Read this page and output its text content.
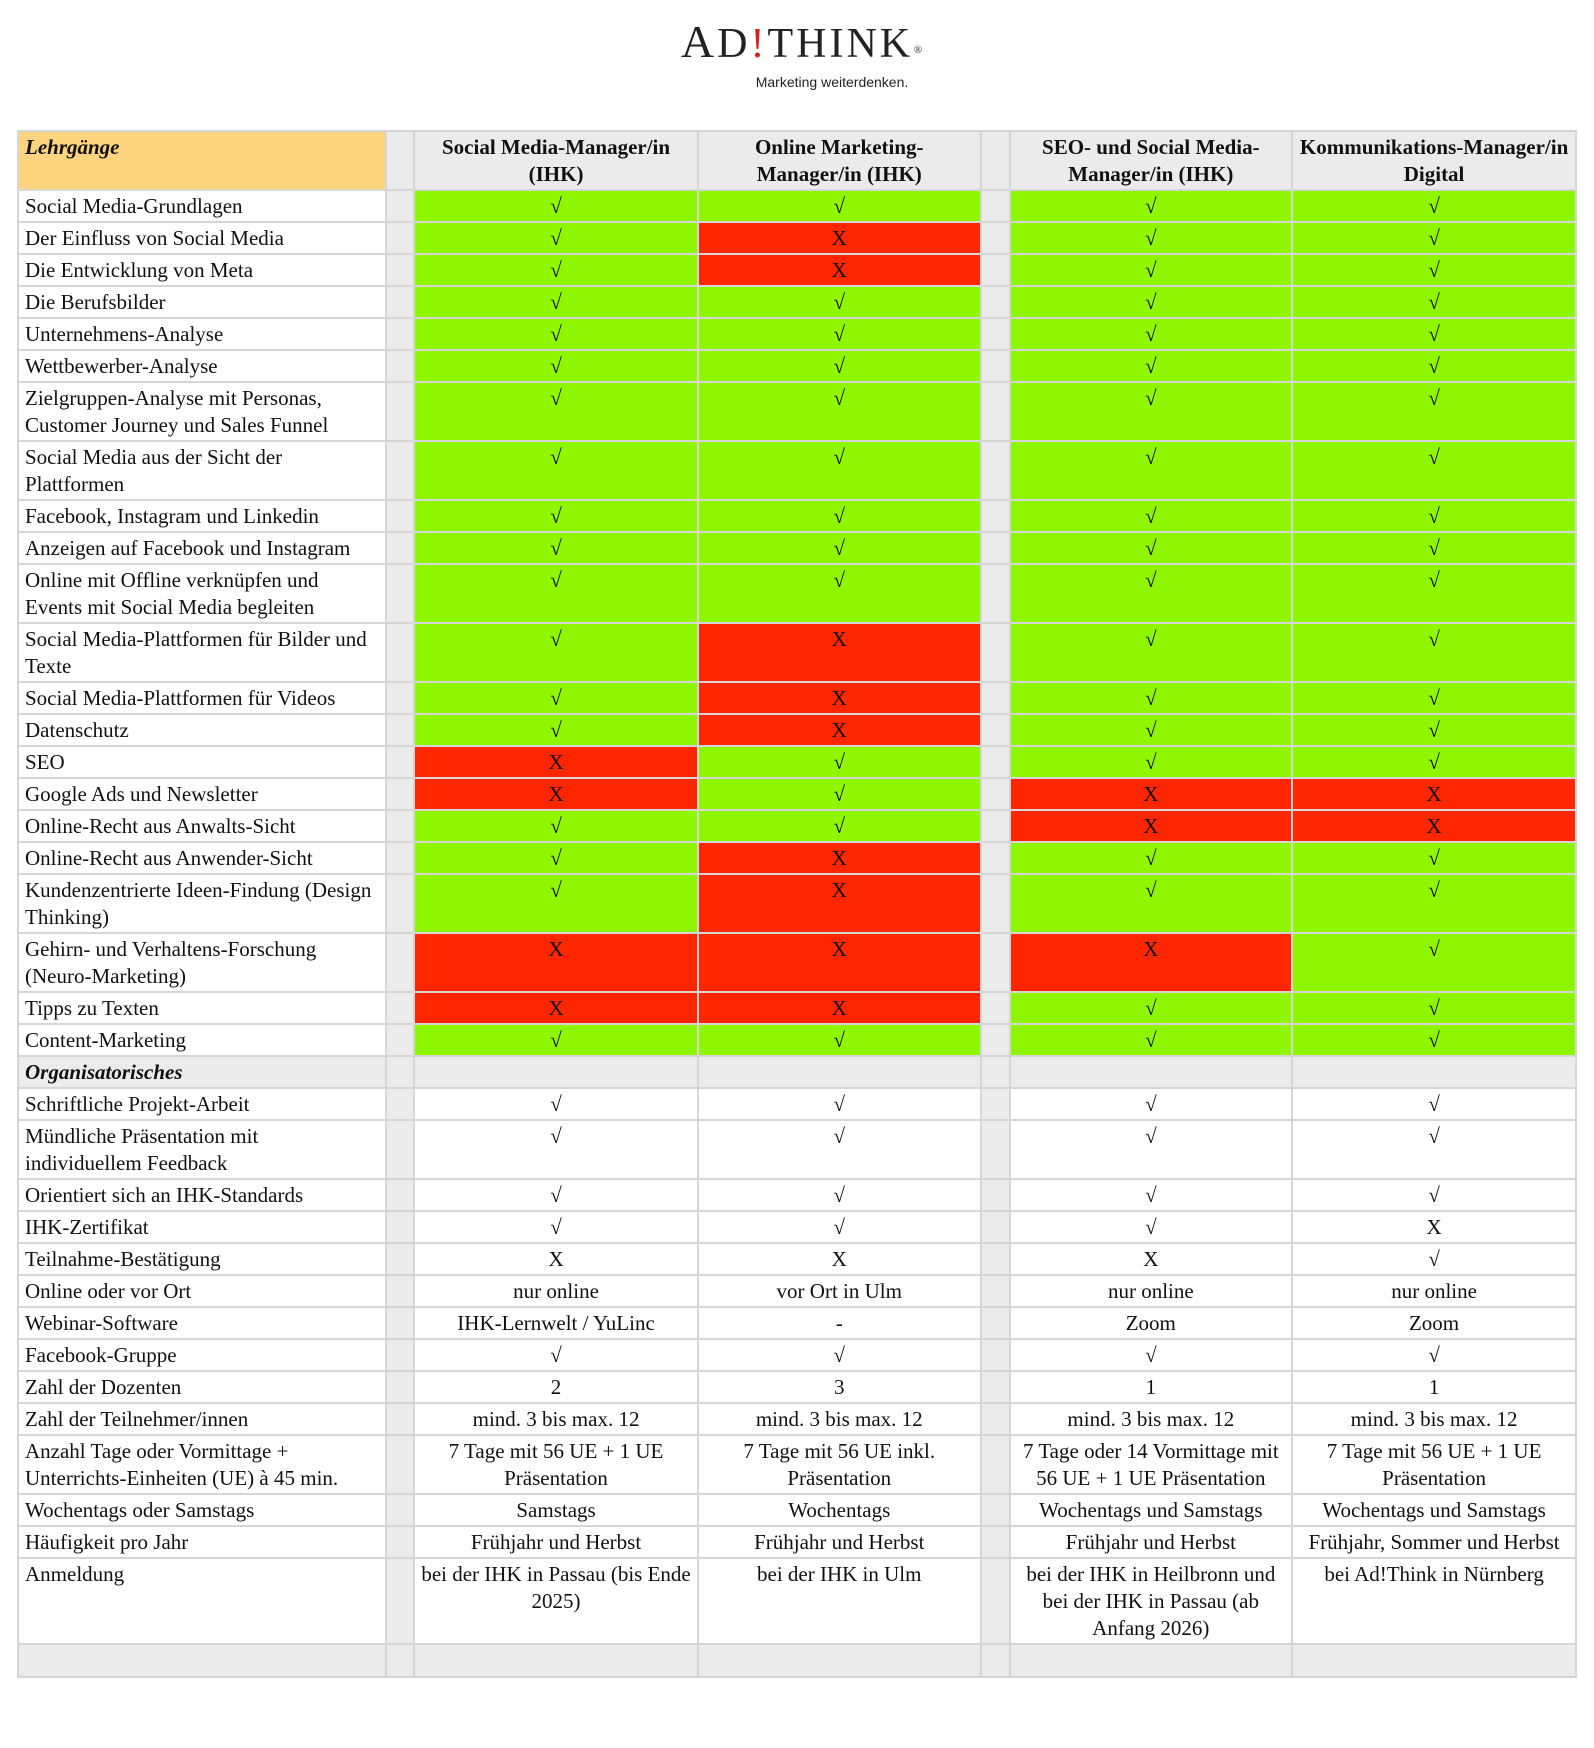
AD!THINK ®
Marketing weiterdenken.
Lehrgänge		Social Media-Manager/in (IHK)	Online Marketing-Manager/in (IHK)		SEO- und Social Media-Manager/in (IHK)	Kommunikations-Manager/in Digital
Social Media-Grundlagen		√	√		√	√
Der Einfluss von Social Media		√	X		√	√
Die Entwicklung von Meta		√	X		√	√
Die Berufsbilder		√	√		√	√
Unternehmens-Analyse		√	√		√	√
Wettbewerber-Analyse		√	√		√	√
Zielgruppen-Analyse mit Personas, Customer Journey und Sales Funnel		√	√		√	√
Social Media aus der Sicht der Plattformen		√	√		√	√
Facebook, Instagram und Linkedin		√	√		√	√
Anzeigen auf Facebook und Instagram		√	√		√	√
Online mit Offline verknüpfen und Events mit Social Media begleiten		√	√		√	√
Social Media-Plattformen für Bilder und Texte		√	X		√	√
Social Media-Plattformen für Videos		√	X		√	√
Datenschutz		√	X		√	√
SEO		X	√		√	√
Google Ads und Newsletter		X	√		X	X
Online-Recht aus Anwalts-Sicht		√	√		X	X
Online-Recht aus Anwender-Sicht		√	X		√	√
Kundenzentrierte Ideen-Findung (Design Thinking)		√	X		√	√
Gehirn- und Verhaltens-Forschung (Neuro-Marketing)		X	X		X	√
Tipps zu Texten		X	X		√	√
Content-Marketing		√	√		√	√
Organisatorisches						
Schriftliche Projekt-Arbeit		√	√		√	√
Mündliche Präsentation mit individuellem Feedback		√	√		√	√
Orientiert sich an IHK-Standards		√	√		√	√
IHK-Zertifikat		√	√		√	X
Teilnahme-Bestätigung		X	X		X	√
Online oder vor Ort		nur online	vor Ort in Ulm		nur online	nur online
Webinar-Software		IHK-Lernwelt / YuLinc	-		Zoom	Zoom
Facebook-Gruppe		√	√		√	√
Zahl der Dozenten		2	3		1	1
Zahl der Teilnehmer/innen		mind. 3 bis max. 12	mind. 3 bis max. 12		mind. 3 bis max. 12	mind. 3 bis max. 12
Anzahl Tage oder Vormittage + Unterrichts-Einheiten (UE) à 45 min.		7 Tage mit 56 UE + 1 UE Präsentation	7 Tage mit 56 UE inkl. Präsentation		7 Tage oder 14 Vormittage mit 56 UE + 1 UE Präsentation	7 Tage mit 56 UE + 1 UE Präsentation
Wochentags oder Samstags		Samstags	Wochentags		Wochentags und Samstags	Wochentags und Samstags
Häufigkeit pro Jahr		Frühjahr und Herbst	Frühjahr und Herbst		Frühjahr und Herbst	Frühjahr, Sommer und Herbst
Anmeldung		bei der IHK in Passau (bis Ende 2025)	bei der IHK in Ulm		bei der IHK in Heilbronn und bei der IHK in Passau (ab Anfang 2026)	bei Ad!Think in Nürnberg
